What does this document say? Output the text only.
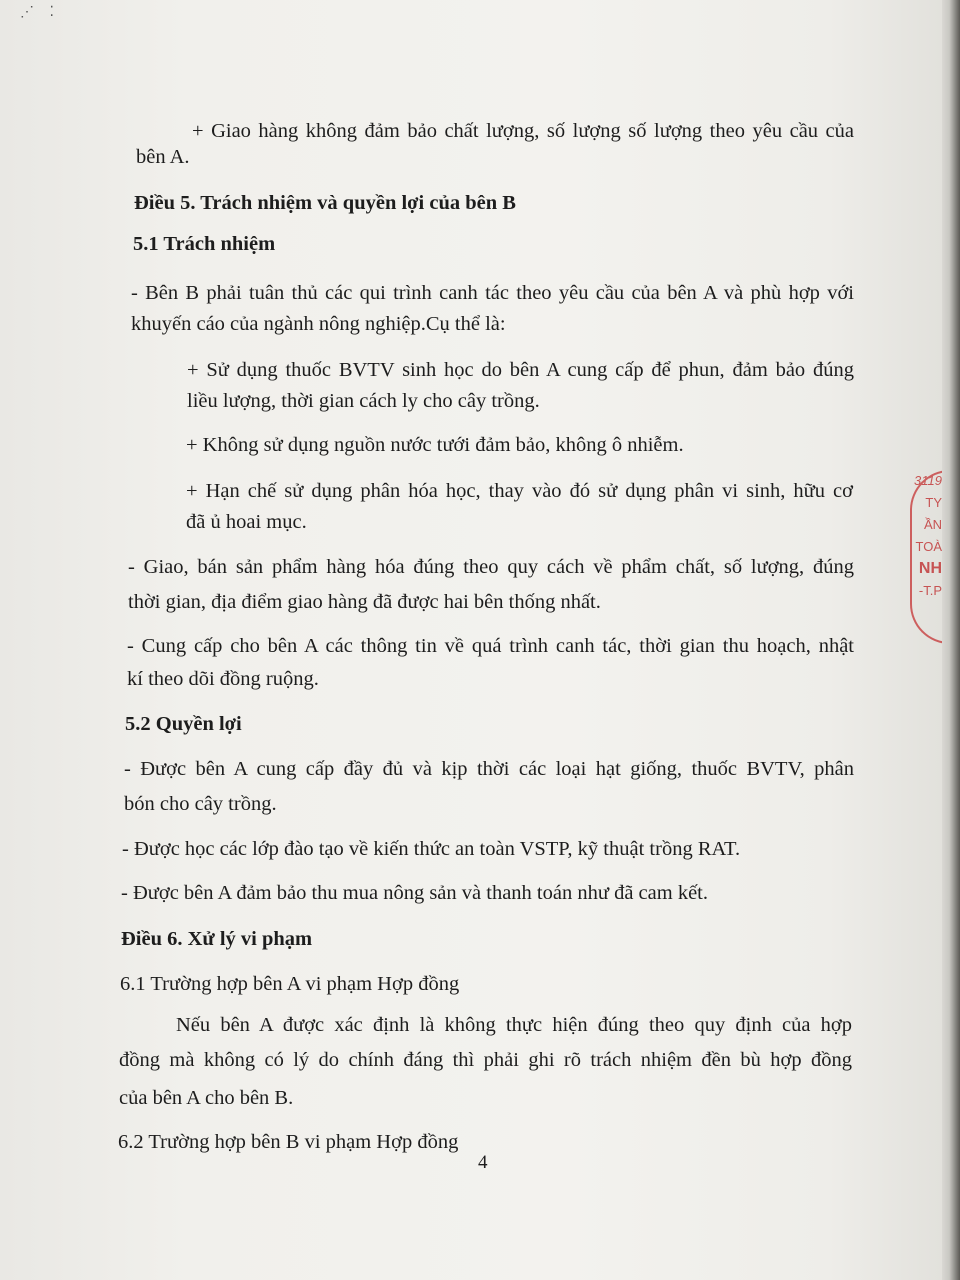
⋰ ⁚
+ Giao hàng không đảm bảo chất lượng, số lượng số lượng theo yêu cầu của
bên A.
Điều 5. Trách nhiệm và quyền lợi của bên B
5.1 Trách nhiệm
- Bên B phải tuân thủ các qui trình canh tác theo yêu cầu của bên A và phù hợp với
khuyến cáo của ngành nông nghiệp.Cụ thể là:
+ Sử dụng thuốc BVTV sinh học do bên A cung cấp để phun, đảm bảo đúng
liều lượng, thời gian cách ly cho cây trồng.
+ Không sử dụng nguồn nước tưới đảm bảo, không ô nhiễm.
+ Hạn chế sử dụng phân hóa học, thay vào đó sử dụng phân vi sinh, hữu cơ
đã ủ hoai mục.
- Giao, bán sản phẩm hàng hóa đúng theo quy cách về phẩm chất, số lượng, đúng
thời gian, địa điểm giao hàng đã được hai bên thống nhất.
- Cung cấp cho bên A các thông tin về quá trình canh tác, thời gian thu hoạch, nhật
kí theo dõi đồng ruộng.
5.2 Quyền lợi
- Được bên A cung cấp đầy đủ và kịp thời các loại hạt giống, thuốc BVTV, phân
bón cho cây trồng.
- Được học các lớp đào tạo về kiến thức an toàn VSTP, kỹ thuật trồng RAT.
- Được bên A đảm bảo thu mua nông sản và thanh toán như đã cam kết.
Điều 6. Xử lý vi phạm
6.1 Trường hợp bên A vi phạm Hợp đồng
Nếu bên A được xác định là không thực hiện đúng theo quy định của hợp
đồng mà không có lý do chính đáng thì phải ghi rõ trách nhiệm đền bù hợp đồng
của bên A cho bên B.
6.2 Trường hợp bên B vi phạm Hợp đồng
4
3119
TY
ẦN
TOÀ
NH
-T.P
